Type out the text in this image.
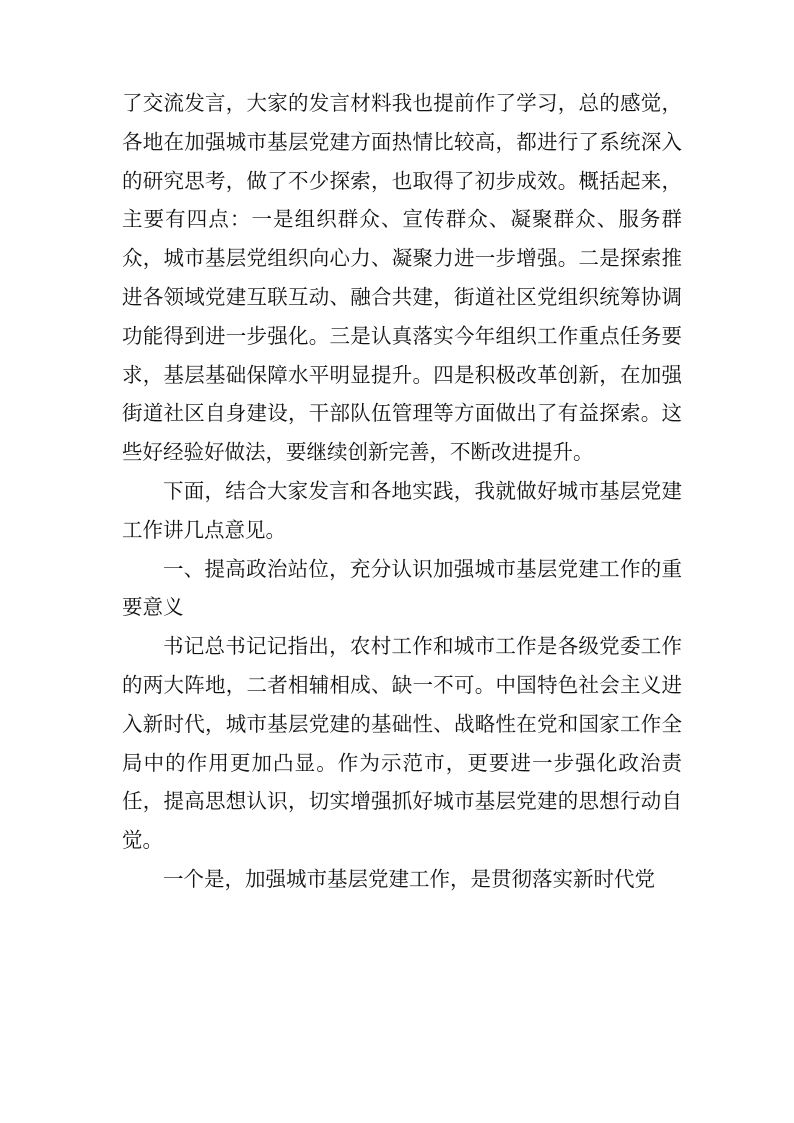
了交流发言，大家的发言材料我也提前作了学习，总的感觉，各地在加强城市基层党建方面热情比较高，都进行了系统深入的研究思考，做了不少探索，也取得了初步成效。概括起来，主要有四点：一是组织群众、宣传群众、凝聚群众、服务群众，城市基层党组织向心力、凝聚力进一步增强。二是探索推进各领域党建互联互动、融合共建，街道社区党组织统筹协调功能得到进一步强化。三是认真落实今年组织工作重点任务要求，基层基础保障水平明显提升。四是积极改革创新，在加强街道社区自身建设，干部队伍管理等方面做出了有益探索。这些好经验好做法，要继续创新完善，不断改进提升。

下面，结合大家发言和各地实践，我就做好城市基层党建工作讲几点意见。

一、提高政治站位，充分认识加强城市基层党建工作的重要意义

书记总书记记指出，农村工作和城市工作是各级党委工作的两大阵地，二者相辅相成、缺一不可。中国特色社会主义进入新时代，城市基层党建的基础性、战略性在党和国家工作全局中的作用更加凸显。作为示范市，更要进一步强化政治责任，提高思想认识，切实增强抓好城市基层党建的思想行动自觉。

一个是，加强城市基层党建工作，是贯彻落实新时代党
